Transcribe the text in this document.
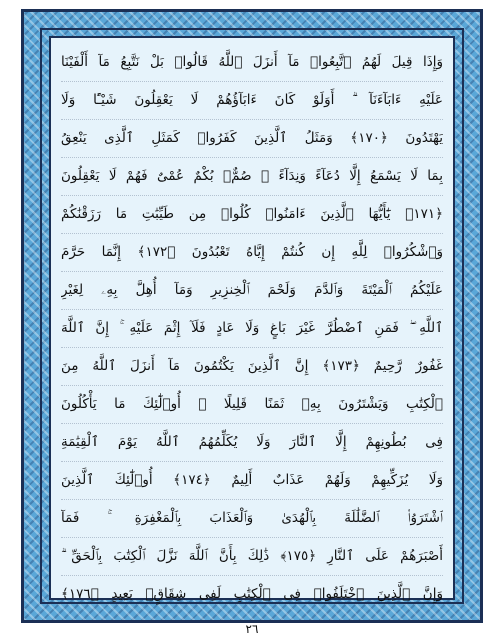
وَإِذَا قِيلَ لَهُمُ ٱتَّبِعُوا۟ مَآ أَنزَلَ ٱللَّهُ قَالُوا۟ بَلْ نَتَّبِعُ مَآ أَلْفَيْنَا
عَلَيْهِ ءَابَآءَنَآ ۗ أَوَلَوْ كَانَ ءَابَآؤُهُمْ لَا يَعْقِلُونَ شَيْـًٔا وَلَا
يَهْتَدُونَ ﴿١٧٠﴾ وَمَثَلُ ٱلَّذِينَ كَفَرُوا۟ كَمَثَلِ ٱلَّذِى يَنْعِقُ
بِمَا لَا يَسْمَعُ إِلَّا دُعَآءً وَنِدَآءً ۚ صُمٌّۢ بُكْمٌ عُمْىٌ فَهُمْ لَا يَعْقِلُونَ
﴿١٧١﴾ يَٰٓأَيُّهَا ٱلَّذِينَ ءَامَنُوا۟ كُلُوا۟ مِن طَيِّبَٰتِ مَا رَزَقْنَٰكُمْ
وَٱشْكُرُوا۟ لِلَّهِ إِن كُنتُمْ إِيَّاهُ تَعْبُدُونَ ﴿١٧٢﴾ إِنَّمَا حَرَّمَ
عَلَيْكُمُ ٱلْمَيْتَةَ وَٱلدَّمَ وَلَحْمَ ٱلْخِنزِيرِ وَمَآ أُهِلَّ بِهِۦ لِغَيْرِ
ٱللَّهِ ۖ فَمَنِ ٱضْطُرَّ غَيْرَ بَاغٍ وَلَا عَادٍ فَلَآ إِثْمَ عَلَيْهِ ۚ إِنَّ ٱللَّهَ
غَفُورٌ رَّحِيمٌ ﴿١٧٣﴾ إِنَّ ٱلَّذِينَ يَكْتُمُونَ مَآ أَنزَلَ ٱللَّهُ مِنَ
ٱلْكِتَٰبِ وَيَشْتَرُونَ بِهِۦ ثَمَنًا قَلِيلًا ۙ أُو۟لَٰٓئِكَ مَا يَأْكُلُونَ
فِى بُطُونِهِمْ إِلَّا ٱلنَّارَ وَلَا يُكَلِّمُهُمُ ٱللَّهُ يَوْمَ ٱلْقِيَٰمَةِ
وَلَا يُزَكِّيهِمْ وَلَهُمْ عَذَابٌ أَلِيمٌ ﴿١٧٤﴾ أُو۟لَٰٓئِكَ ٱلَّذِينَ
ٱشْتَرَوُا۟ ٱلضَّلَٰلَةَ بِٱلْهُدَىٰ وَٱلْعَذَابَ بِٱلْمَغْفِرَةِ ۚ فَمَآ
أَصْبَرَهُمْ عَلَى ٱلنَّارِ ﴿١٧٥﴾ ذَٰلِكَ بِأَنَّ ٱللَّهَ نَزَّلَ ٱلْكِتَٰبَ بِٱلْحَقِّ ۗ
وَإِنَّ ٱلَّذِينَ ٱخْتَلَفُوا۟ فِى ٱلْكِتَٰبِ لَفِى شِقَاقٍۭ بَعِيدٍ ﴿١٧٦﴾
٢٦
